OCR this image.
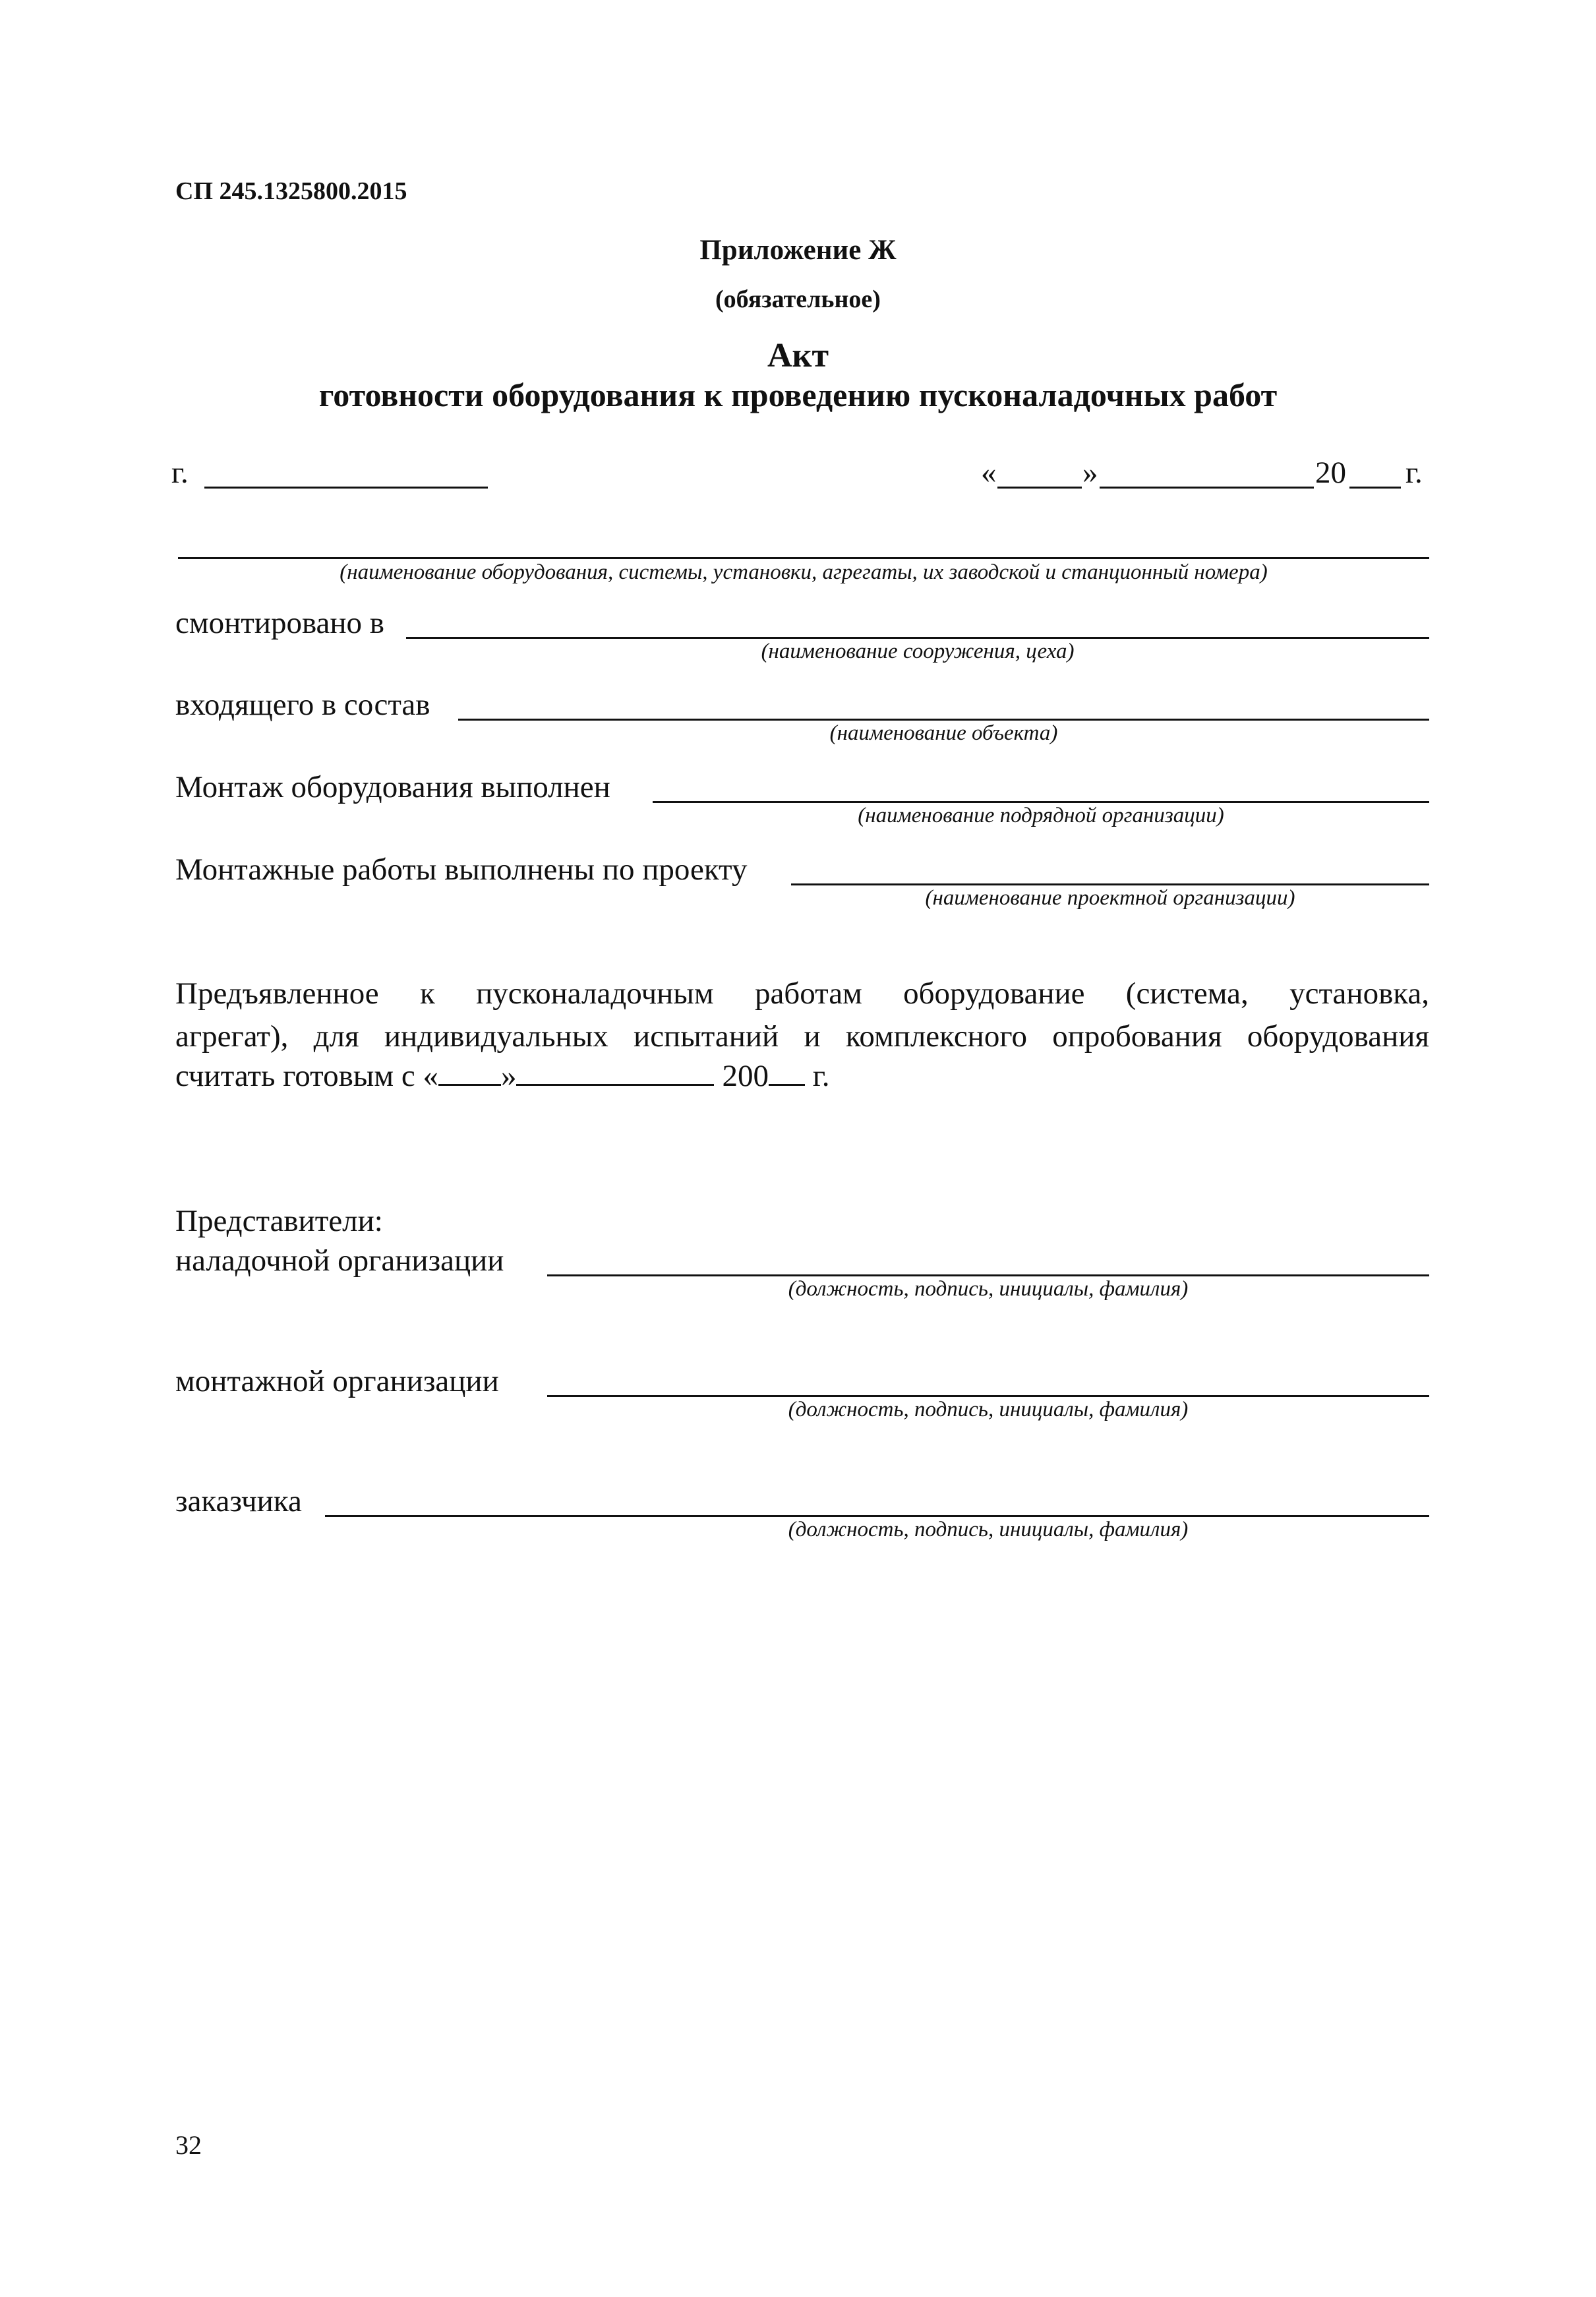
СП 245.1325800.2015
Приложение Ж
(обязательное)
Акт
готовности оборудования к проведению пусконаладочных работ
г.	«	»	20 г.
(наименование оборудования, системы, установки, агрегаты, их заводской и станционный номера)
смонтировано в
(наименование сооружения, цеха)
входящего в состав
(наименование объекта)
Монтаж оборудования выполнен
(наименование подрядной организации)
Монтажные работы выполнены по проекту
(наименование проектной организации)
Предъявленное к пусконаладочным работам оборудование (система, установка,
агрегат), для индивидуальных испытаний и комплексного опробования оборудования
считать готовым с « »	200 г.
Представители:
наладочной организации
(должность, подпись, инициалы, фамилия)
монтажной организации
(должность, подпись, инициалы, фамилия)
заказчика
(должность, подпись, инициалы, фамилия)
32
